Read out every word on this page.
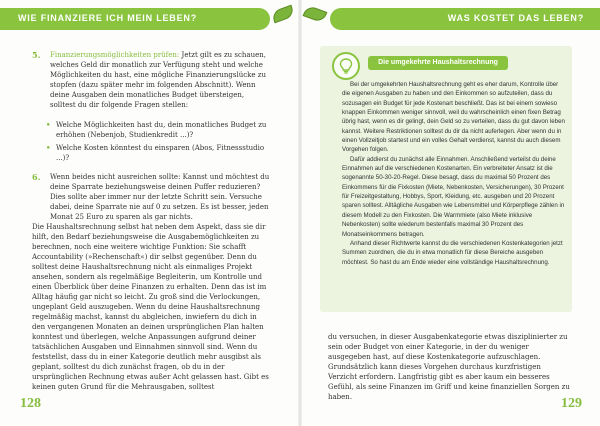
WIE FINANZIERE ICH MEIN LEBEN?
5. Finanzierungsmöglichkeiten prüfen: Jetzt gilt es zu schauen, welches Geld dir monatlich zur Verfügung steht und welche Möglichkeiten du hast, eine mögliche Finanzierungslücke zu stopfen (dazu später mehr im folgenden Abschnitt). Wenn deine Ausgaben dein monatliches Budget übersteigen, solltest du dir folgende Fragen stellen:

• Welche Möglichkeiten hast du, dein monatliches Budget zu erhöhen (Nebenjob, Studienkredit ...)?
• Welche Kosten könntest du einsparen (Abos, Fitnessstudio ...)?
6. Wenn beides nicht ausreichen sollte: Kannst und möchtest du deine Sparrate beziehungsweise deinen Puffer reduzieren? Dies sollte aber immer nur der letzte Schritt sein. Versuche dabei, deine Sparrate nie auf 0 zu setzen. Es ist besser, jeden Monat 25 Euro zu sparen als gar nichts.

Die Haushaltsrechnung selbst hat neben dem Aspekt, dass sie dir hilft, den Bedarf beziehungsweise die Ausgabemöglichkeiten zu berechnen, noch eine weitere wichtige Funktion: Sie schafft Accountability (»Rechenschaft«) dir selbst gegenüber. Denn du solltest deine Haushaltsrechnung nicht als einmaliges Projekt ansehen, sondern als regelmäßige Begleiterin, um Kontrolle und einen Überblick über deine Finanzen zu erhalten. Denn das ist im Alltag häufig gar nicht so leicht. Zu groß sind die Verlockungen, ungeplant Geld auszugeben. Wenn du deine Haushaltsrechnung regelmäßig machst, kannst du abgleichen, inwiefern du dich in den vergangenen Monaten an deinen ursprünglichen Plan halten konntest und überlegen, welche Anpassungen aufgrund deiner tatsächlichen Ausgaben und Einnahmen sinnvoll sind. Wenn du feststellst, dass du in einer Kategorie deutlich mehr ausgibst als geplant, solltest du dich zunächst fragen, ob du in der ursprünglichen Rechnung etwas außer Acht gelassen hast. Gibt es keinen guten Grund für die Mehrausgaben, solltest

128
WAS KOSTET DAS LEBEN?
Die umgekehrte Haushaltsrechnung

Bei der umgekehrten Haushaltsrechnung geht es eher darum, Kontrolle über die eigenen Ausgaben zu haben und den Einkommen so aufzuteilen, dass du sozusagen ein Budget für jede Kostenart beschließt. Das ist bei einem sowieso knappen Einkommen weniger sinnvoll, weil du wahrscheinlich einen fixen Betrag übrig hast, wenn es dir gelingt, dein Geld so zu verteilen, dass du gut davon leben kannst. Weitere Restriktionen solltest du dir da nicht auferlegen. Aber wenn du in einen Vollzeitjob startest und ein volles Gehalt verdienst, kannst du auch diesem Vorgehen folgen.

Dafür addierst du zunächst alle Einnahmen. Anschließend verteilst du deine Einnahmen auf die verschiedenen Kostenarten. Ein verbreiteter Ansatz ist die sogenannte 50-30-20-Regel. Diese besagt, dass du maximal 50 Prozent des Einkommens für die Fixkosten (Miete, Nebenkosten, Versicherungen), 30 Prozent für Freizeitgestaltung, Hobbys, Sport, Kleidung, etc. ausgeben und 20 Prozent sparen solltest. Alltägliche Ausgaben wie Lebensmittel und Körperpflege zählen in diesem Modell zu den Fixkosten. Die Warmmiete (also Miete inklusive Nebenkosten) sollte wiederum bestenfalls maximal 30 Prozent des Monatseinkommens betragen.

Anhand dieser Richtwerte kannst du die verschiedenen Kostenkategorien jetzt Summen zuordnen, die du in etwa monatlich für diese Bereiche ausgeben möchtest. So hast du am Ende wieder eine vollständige Haushaltsrechnung.

du versuchen, in dieser Ausgabenkategorie etwas disziplinierter zu sein oder Budget von einer Kategorie, in der du weniger ausgegeben hast, auf diese Kostenkategorie aufzuschlagen. Grundsätzlich kann dieses Vorgehen durchaus kurzfristigen Verzicht erfordern. Langfristig gibt es aber kaum ein besseres Gefühl, als seine Finanzen im Griff und keine finanziellen Sorgen zu haben.	129
